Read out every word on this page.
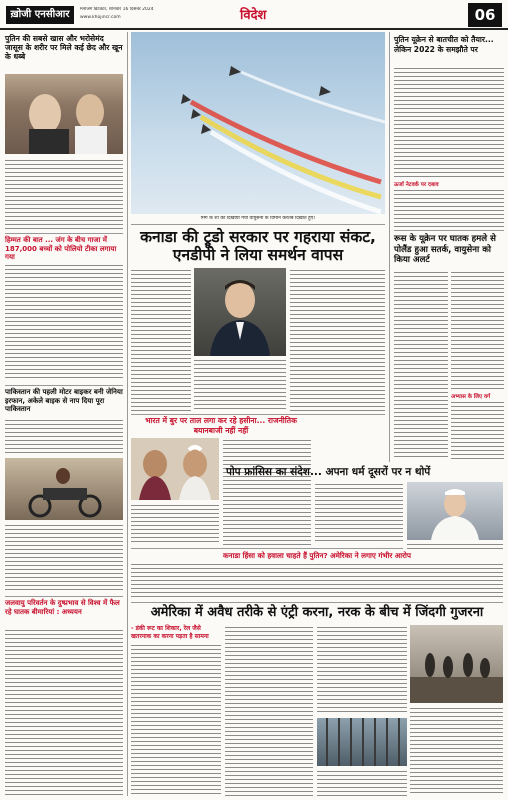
ख़ोजी एनसीआर	मैनेजिंग डिटेक्टर, शनिवार 16 दिसंबर 2024
www.khojincr.com	विदेश	06
पुतिन की सबसे खास और भरोसेमंद जासूस के शरीर पर मिले कई छेद और खून के धब्बे
हिम्मत की बात ... जंग के बीच गाजा में 187,000 बच्चों को पोलियो टीका लगाया गया
पाकिस्तान की पहली मोटर बाइकर बनी जेनिया इरफान, अकेले बाइक से नाप दिया पूरा पाकिस्तान
जलवायु परिवर्तन के दुष्प्रभाव से विश्व में फैल रहे घातक बीमारियां : अध्ययन
मिग के शॉ की दिखाया गया वायुसेना के विमान करतब दिखाते हुए।
कनाडा की ट्रूडो सरकार पर गहराया संकट, एनडीपी ने लिया समर्थन वापस
भारत में बुर पर ताल लगा कर रहे हसीना... राजनीतिक बयानबाजी नहीं नहीं
पोप फ्रांसिस का संदेश... अपना धर्म दूसरों पर न थोपें
कनाडा हिंसा को हवाला चाहते हैं पुतिन? अमेरिका ने लगाए गंभीर आरोप
अमेरिका में अवैध तरीके से एंट्री करना, नरक के बीच में जिंदगी गुजरना
- डंकी रूट का शिकार, रेल जैसे खतरनाक का करना पड़ता है सामना
पुतिन यूक्रेन से बातचीत को तैयार... लेकिन 2022 के समझौते पर
ऊर्जा नेटवर्क पर दबाव
रूस के यूक्रेन पर घातक हमले से पोलैंड हुआ सतर्क, वायुसेना को किया अलर्ट
अभ्यास के लिए वर्ग
